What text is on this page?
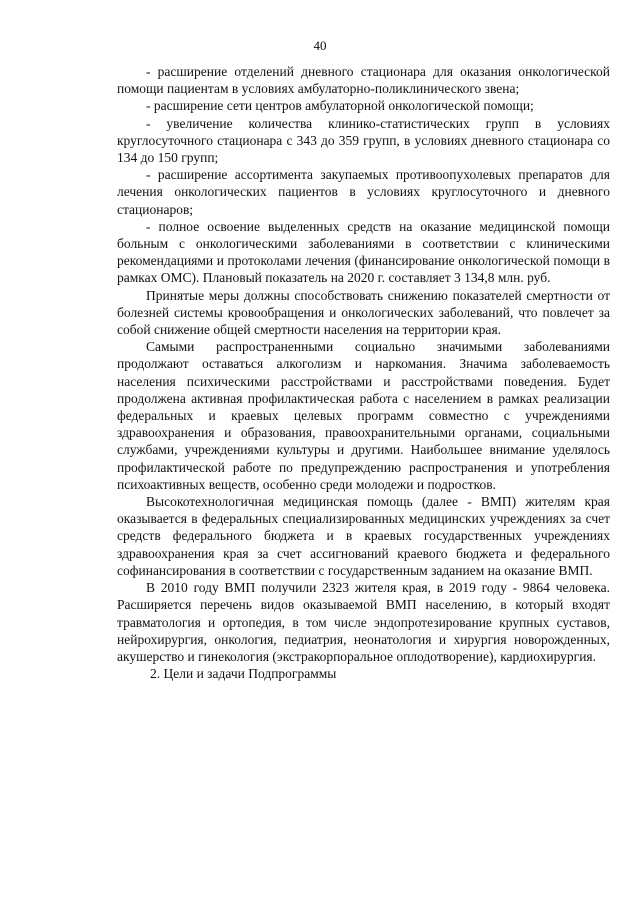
40

- расширение отделений дневного стационара для оказания онкологической помощи пациентам в условиях амбулаторно-поликлинического звена;

- расширение сети центров амбулаторной онкологической помощи;

- увеличение количества клинико-статистических групп в условиях круглосуточного стационара с 343 до 359 групп, в условиях дневного стационара со 134 до 150 групп;

- расширение ассортимента закупаемых противоопухолевых препаратов для лечения онкологических пациентов в условиях круглосуточного и дневного стационаров;

- полное освоение выделенных средств на оказание медицинской помощи больным с онкологическими заболеваниями в соответствии с клиническими рекомендациями и протоколами лечения (финансирование онкологической помощи в рамках ОМС). Плановый показатель на 2020 г. составляет 3 134,8 млн. руб.

Принятые меры должны способствовать снижению показателей смертности от болезней системы кровообращения и онкологических заболеваний, что повлечет за собой снижение общей смертности населения на территории края.

Самыми распространенными социально значимыми заболеваниями продолжают оставаться алкоголизм и наркомания. Значима заболеваемость населения психическими расстройствами и расстройствами поведения. Будет продолжена активная профилактическая работа с населением в рамках реализации федеральных и краевых целевых программ совместно с учреждениями здравоохранения и образования, правоохранительными органами, социальными службами, учреждениями культуры и другими. Наибольшее внимание уделялось профилактической работе по предупреждению распространения и употребления психоактивных веществ, особенно среди молодежи и подростков.

Высокотехнологичная медицинская помощь (далее - ВМП) жителям края оказывается в федеральных специализированных медицинских учреждениях за счет средств федерального бюджета и в краевых государственных учреждениях здравоохранения края за счет ассигнований краевого бюджета и федерального софинансирования в соответствии с государственным заданием на оказание ВМП.

В 2010 году ВМП получили 2323 жителя края, в 2019 году - 9864 человека. Расширяется перечень видов оказываемой ВМП населению, в который входят травматология и ортопедия, в том числе эндопротезирование крупных суставов, нейрохирургия, онкология, педиатрия, неонатология и хирургия новорожденных, акушерство и гинекология (экстракорпоральное оплодотворение), кардиохирургия.

2. Цели и задачи Подпрограммы
